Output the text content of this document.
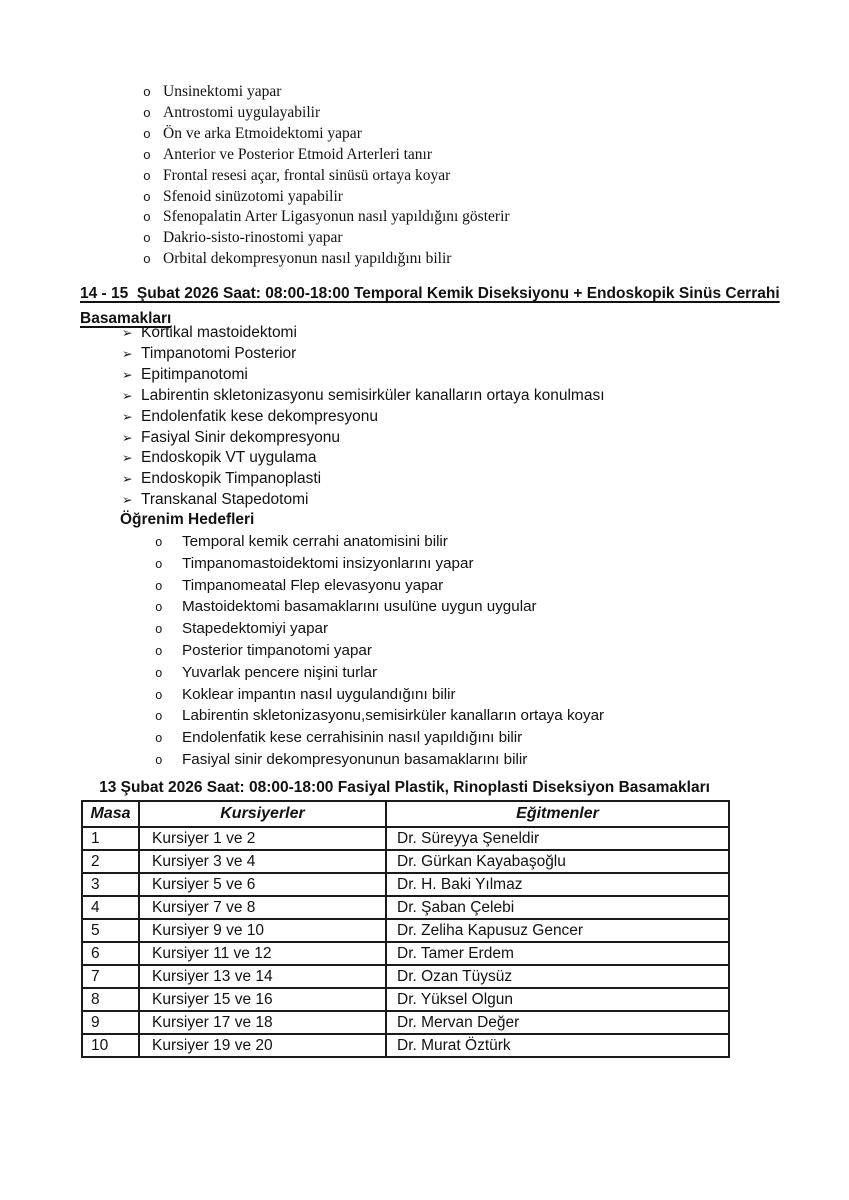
o Unsinektomi yapar
o Antrostomi uygulayabilir
o Ön ve arka Etmoidektomi yapar
o Anterior ve Posterior Etmoid Arterleri tanır
o Frontal resesi açar, frontal sinüsü ortaya koyar
o Sfenoid sinüzotomi yapabilir
o Sfenopalatin Arter Ligasyonun nasıl yapıldığını gösterir
o Dakrio-sisto-rinostomi yapar
o Orbital dekompresyonun nasıl yapıldığını bilir
14 - 15  Şubat 2026 Saat: 08:00-18:00 Temporal Kemik Diseksiyonu + Endoskopik Sinüs Cerrahi
Basamakları
➢ Kortikal mastoidektomi
➢ Timpanotomi Posterior
➢ Epitimpanotomi
➢ Labirentin skletonizasyonu semisirküler kanalların ortaya konulması
➢ Endolenfatik kese dekompresyonu
➢ Fasiyal Sinir dekompresyonu
➢ Endoskopik VT uygulama
➢ Endoskopik Timpanoplasti
➢ Transkanal Stapedotomi
Öğrenim Hedefleri
o Temporal kemik cerrahi anatomisini bilir
o Timpanomastoidektomi insizyonlarını yapar
o Timpanomeatal Flep elevasyonu yapar
o Mastoidektomi basamaklarını usulüne uygun uygular
o Stapedektomiyi yapar
o Posterior timpanotomi yapar
o Yuvarlak pencere nişini turlar
o Koklear impantın nasıl uygulandığını bilir
o Labirentin skletonizasyonu,semisirküler kanalların ortaya koyar
o Endolenfatik kese cerrahisinin nasıl yapıldığını bilir
o Fasiyal sinir dekompresyonunun basamaklarını bilir
13 Şubat 2026 Saat: 08:00-18:00 Fasiyal Plastik, Rinoplasti Diseksiyon Basamakları
Masa	Kursiyerler	Eğitmenler
1	Kursiyer 1 ve 2	Dr. Süreyya Şeneldir
2	Kursiyer 3 ve 4	Dr. Gürkan Kayabaşoğlu
3	Kursiyer 5 ve 6	Dr. H. Baki Yılmaz
4	Kursiyer 7 ve 8	Dr. Şaban Çelebi
5	Kursiyer 9 ve 10	Dr. Zeliha Kapusuz Gencer
6	Kursiyer 11 ve 12	Dr. Tamer Erdem
7	Kursiyer 13 ve 14	Dr. Ozan Tüysüz
8	Kursiyer 15 ve 16	Dr. Yüksel Olgun
9	Kursiyer 17 ve 18	Dr. Mervan Değer
10	Kursiyer 19 ve 20	Dr. Murat Öztürk
